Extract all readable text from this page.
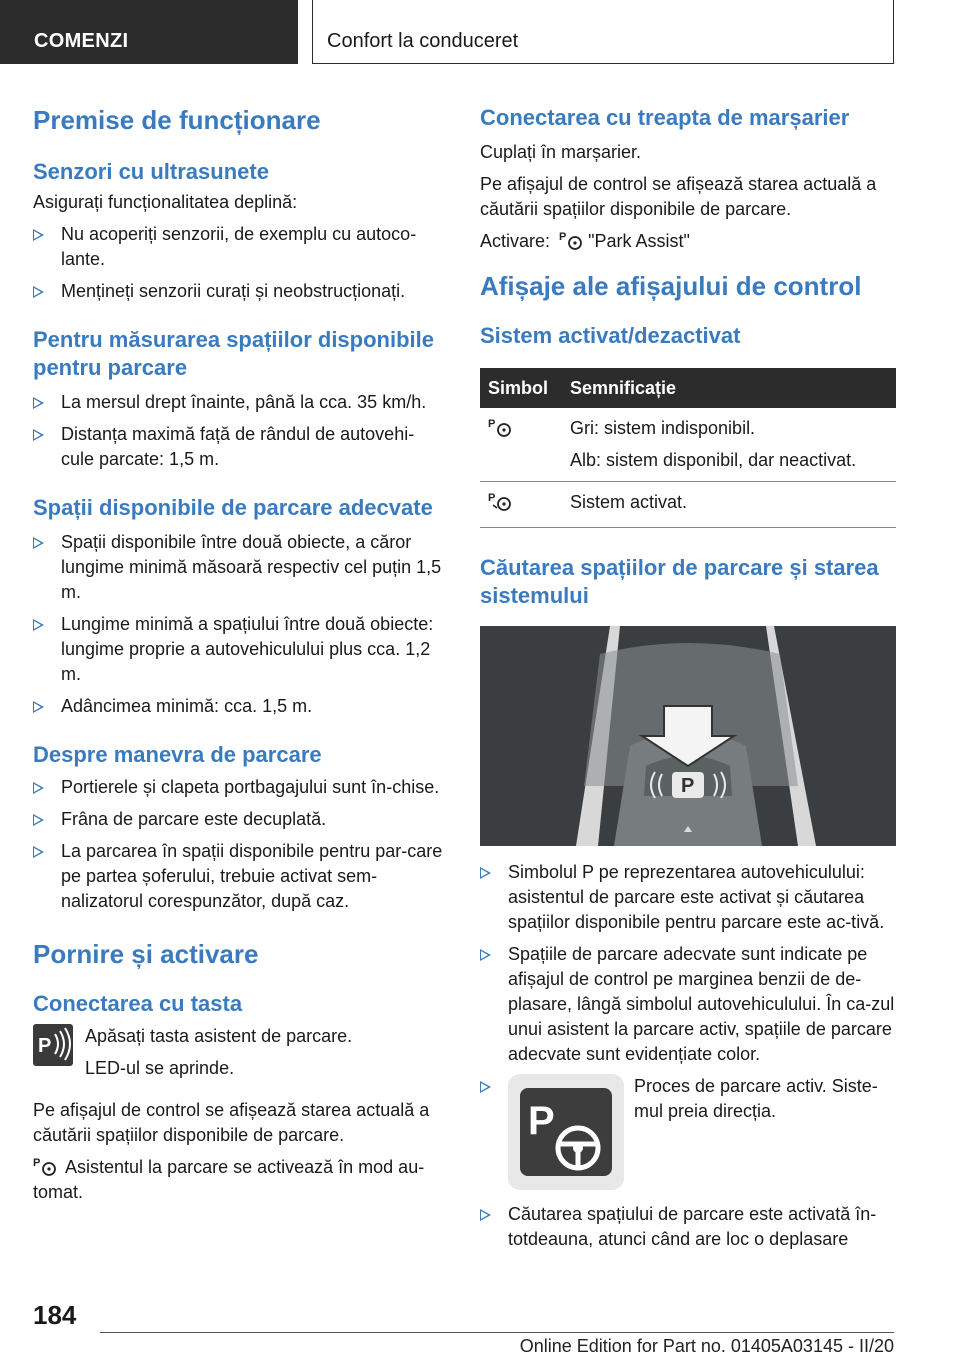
COMENZI	Confort la conduceret
Premise de funcționare
Senzori cu ultrasunete

Asigurați funcționalitatea deplină:

Nu acoperiți senzorii, de exemplu cu autoco-lante.
Mențineți senzorii curați și neobstrucționați.
Pentru măsurarea spațiilor disponibile pentru parcare
La mersul drept înainte, până la cca. 35 km/h.
Distanța maximă față de rândul de autovehi-cule parcate: 1,5 m.
Spații disponibile de parcare adecvate
Spații disponibile între două obiecte, a căror lungime minimă măsoară respectiv cel puțin 1,5 m.
Lungime minimă a spațiului între două obiecte: lungime proprie a autovehiculului plus cca. 1,2 m.
Adâncimea minimă: cca. 1,5 m.
Despre manevra de parcare
Portierele și clapeta portbagajului sunt în-chise.
Frâna de parcare este decuplată.
La parcarea în spații disponibile pentru par-care pe partea șoferului, trebuie activat sem-nalizatorul corespunzător, după caz.
Pornire și activare
Conectarea cu tasta
P Apăsați tasta asistent de parcare.

LED-ul se aprinde.

Pe afișajul de control se afișează starea actuală a căutării spațiilor disponibile de parcare.

P Asistentul la parcare se activează în mod au-tomat.

Conectarea cu treapta de marșarier

Cuplați în marșarier.

Pe afișajul de control se afișează starea actuală a căutării spațiilor disponibile de parcare.

Activare: P "Park Assist"

Afișaje ale afișajului de control
Sistem activat/dezactivat
Simbol	Semnificație

P	Gri: sistem indisponibil.
Alb: sistem disponibil, dar neactivat.

P	Sistem activat.
Căutarea spațiilor de parcare și starea sistemului
P
Simbolul P pe reprezentarea autovehiculului: asistentul de parcare este activat și căutarea spațiilor disponibile pentru parcare este ac-tivă.
Spațiile de parcare adecvate sunt indicate pe afișajul de control pe marginea benzii de de-plasare, lângă simbolul autovehiculului. În ca-zul unui asistent la parcare activ, spațiile de parcare adecvate sunt evidențiate color.
P
Proces de parcare activ. Siste-mul preia direcția.
Căutarea spațiului de parcare este activată în-totdeauna, atunci când are loc o deplasare
184
Online Edition for Part no. 01405A03145 - II/20
